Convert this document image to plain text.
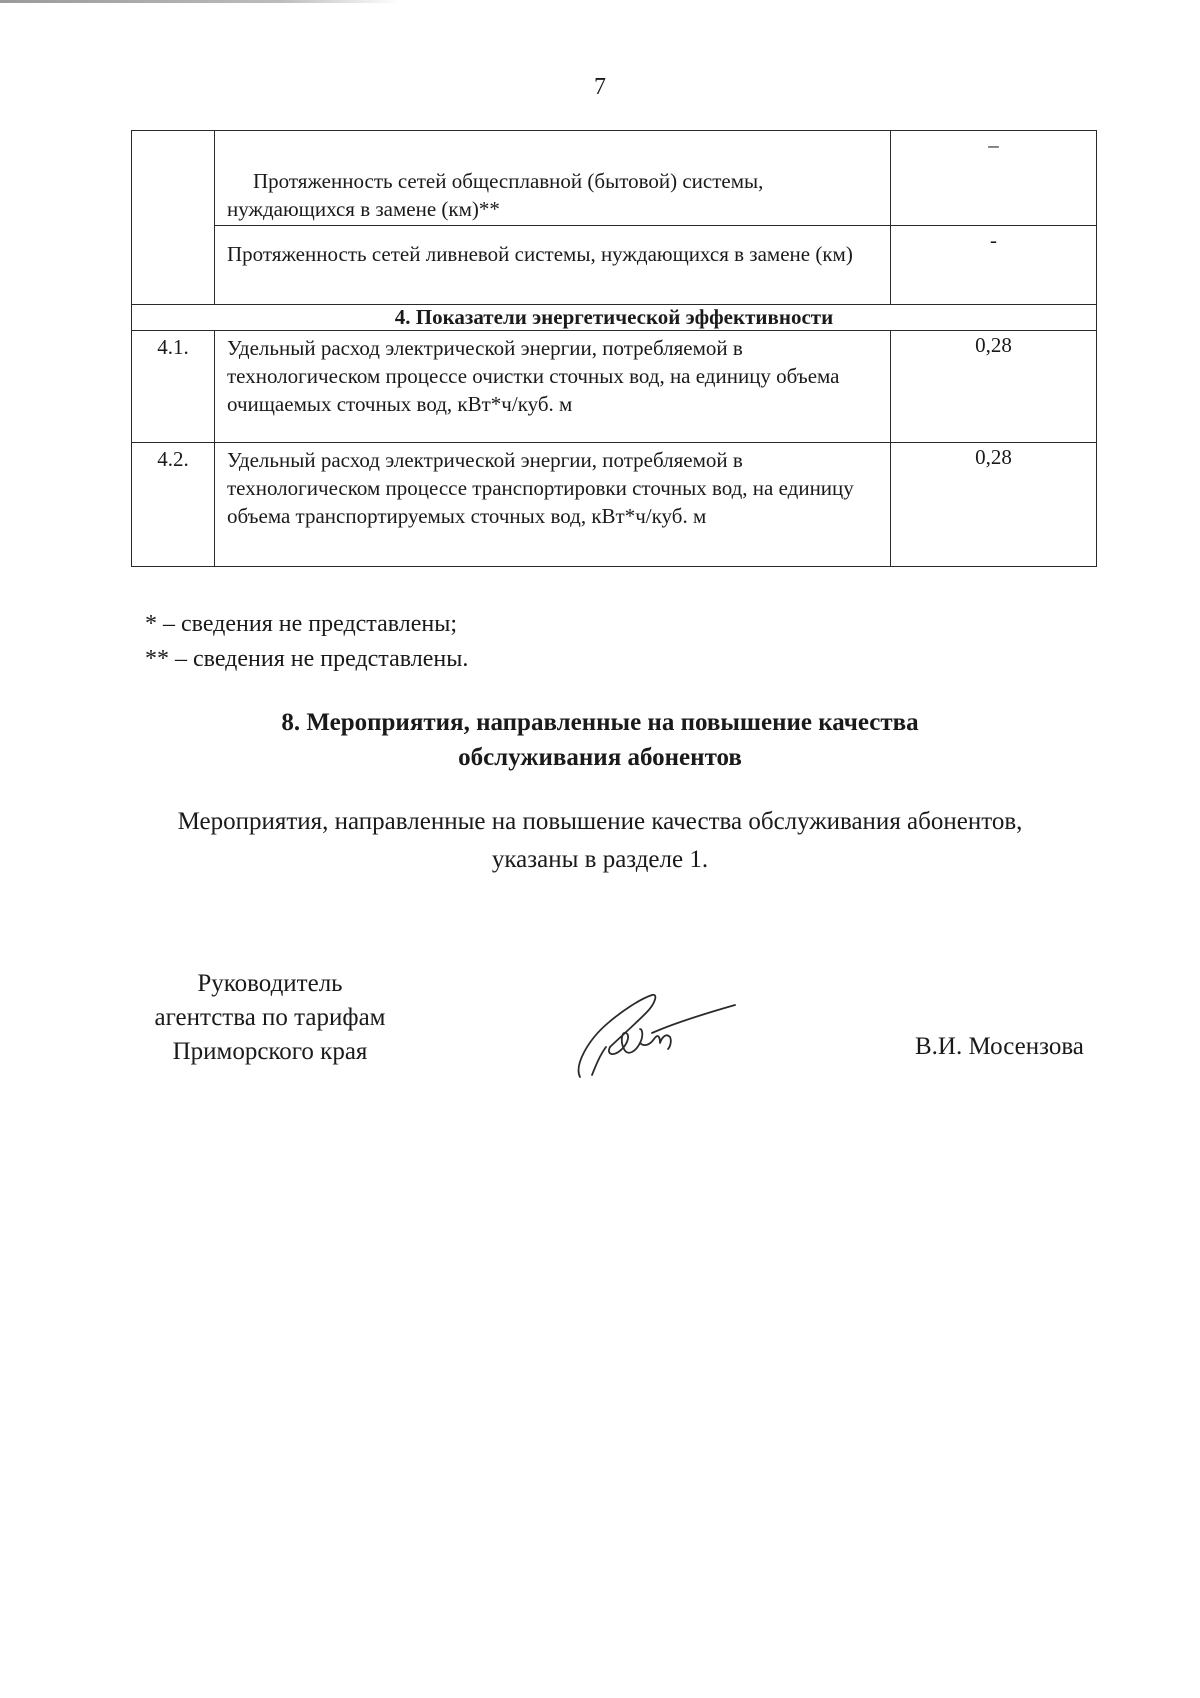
7

	Протяженность сетей общесплавной (бытовой) системы, нуждающихся в замене (км)**	–

	Протяженность сетей ливневой системы, нуждающихся в замене (км)	-
4. Показатели энергетической эффективности		

4.1.	Удельный расход электрической энергии, потребляемой в технологическом процессе очистки сточных вод, на единицу объема очищаемых сточных вод, кВт*ч/куб. м	0,28

4.2.	Удельный расход электрической энергии, потребляемой в технологическом процессе транспортировки сточных вод, на единицу объема транспортируемых сточных вод, кВт*ч/куб. м	0,28
* – сведения не представлены;
** – сведения не представлены.
8. Мероприятия, направленные на повышение качества
обслуживания абонентов
Мероприятия, направленные на повышение качества обслуживания абонентов,
указаны в разделе 1.
Руководитель
агентства по тарифам
Приморского края	В.И. Мосензова
